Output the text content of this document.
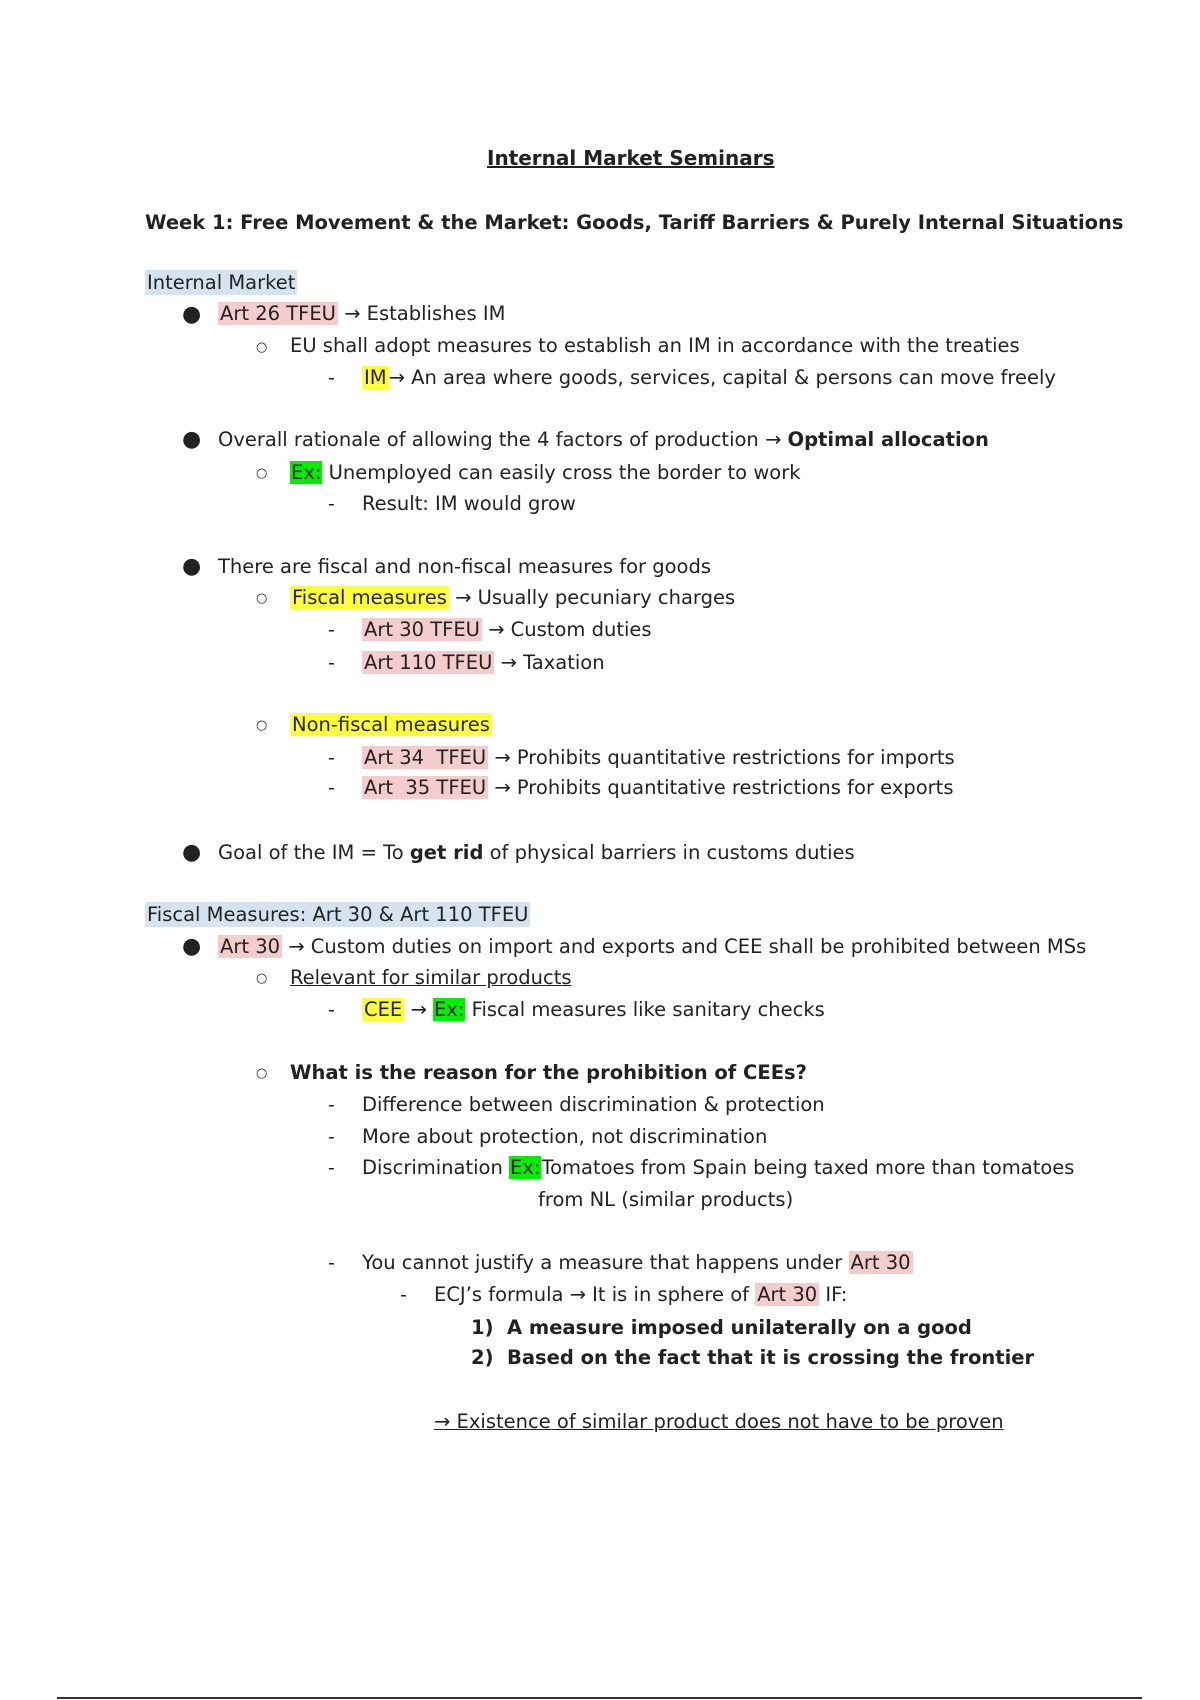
Internal Market Seminars
Week 1: Free Movement & the Market: Goods, Tariff Barriers & Purely Internal Situations
Internal Market
● Art 26 TFEU → Establishes IM
○ EU shall adopt measures to establish an IM in accordance with the treaties
- IM → An area where goods, services, capital & persons can move freely
● Overall rationale of allowing the 4 factors of production → Optimal allocation
○ Ex: Unemployed can easily cross the border to work
- Result: IM would grow
● There are fiscal and non-fiscal measures for goods
○ Fiscal measures → Usually pecuniary charges
- Art 30 TFEU → Custom duties
- Art 110 TFEU → Taxation
○ Non-fiscal measures
- Art 34  TFEU → Prohibits quantitative restrictions for imports
- Art  35 TFEU → Prohibits quantitative restrictions for exports
● Goal of the IM = To get rid of physical barriers in customs duties
Fiscal Measures: Art 30 & Art 110 TFEU
● Art 30 → Custom duties on import and exports and CEE shall be prohibited between MSs
○ Relevant for similar products
- CEE → Ex: Fiscal measures like sanitary checks
○ What is the reason for the prohibition of CEEs?
- Difference between discrimination & protection
- More about protection, not discrimination
- Discrimination Ex:Tomatoes from Spain being taxed more than tomatoes
from NL (similar products)
- You cannot justify a measure that happens under Art 30
- ECJ’s formula → It is in sphere of Art 30 IF:
1) A measure imposed unilaterally on a good
2) Based on the fact that it is crossing the frontier
→ Existence of similar product does not have to be proven
